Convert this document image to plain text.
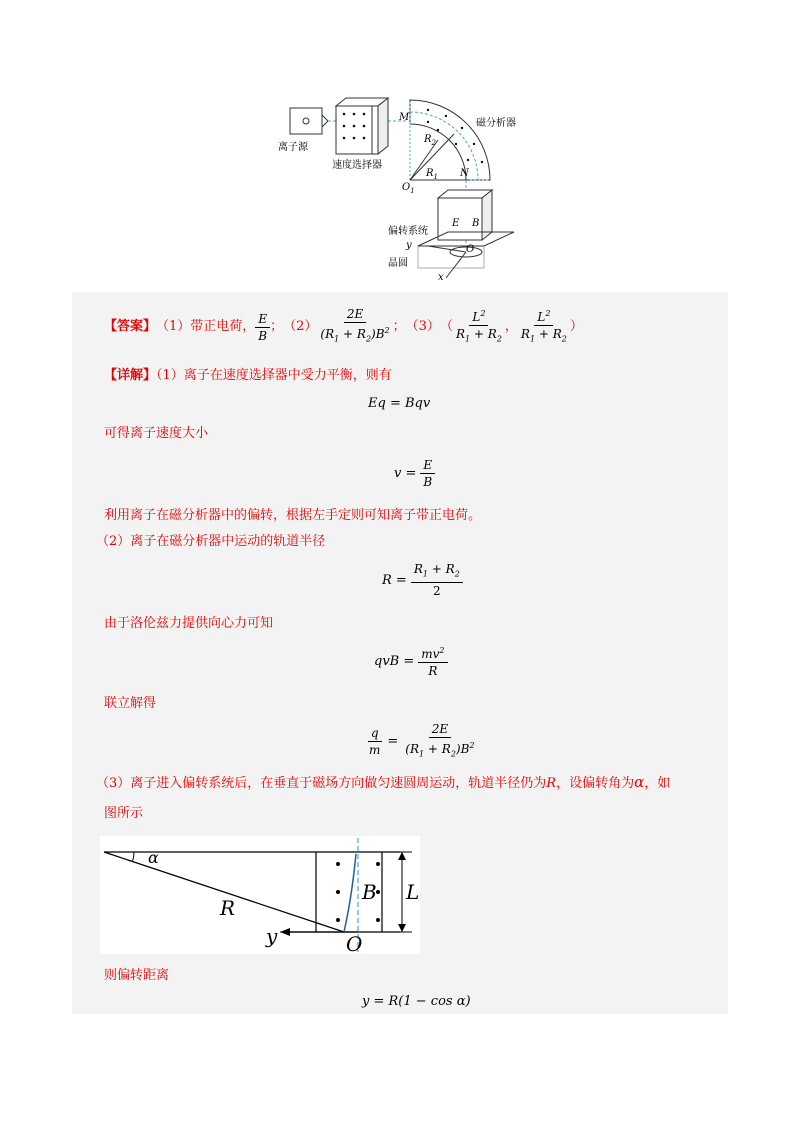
离子源
速度选择器
磁分析器
偏转系统
晶圆
M
N
$O_1$
$R_1$
$R_2$
E B
O
x
y
【答案】 （1）带正电荷， $\frac{E}{B}$ ； $(2) \frac{2E}{(R_1 + R_2)B^2}$ ； （3） （ $\frac{L^2}{R_1 + R_2}$ ， $\frac{L^2}{R_1 + R_2}$ ）
【详解】（1）离子在速度选择器中受力平衡，则有
Eq = Bqv
可得离子速度大小
$v = \frac{E}{B}$
利用离子在磁分析器中的偏转，根据左手定则可知离子带正电荷。
（2）离子在磁分析器中运动的轨道半径
$R = \frac{R_1 + R_2}{2}$
由于洛伦兹力提供向心力可知
qvB = $\frac{mv^2}{R}$
联立解得
$\frac{q}{m} = \frac{2E}{(R_1 + R_2)B^2}$
（3）离子进入偏转系统后，在垂直于磁场方向做匀速圆周运动，轨道半径仍为R，设偏转角为α，如
图所示
α
R
B L
y	O
则偏转距离
y = R(1 − cos α)
